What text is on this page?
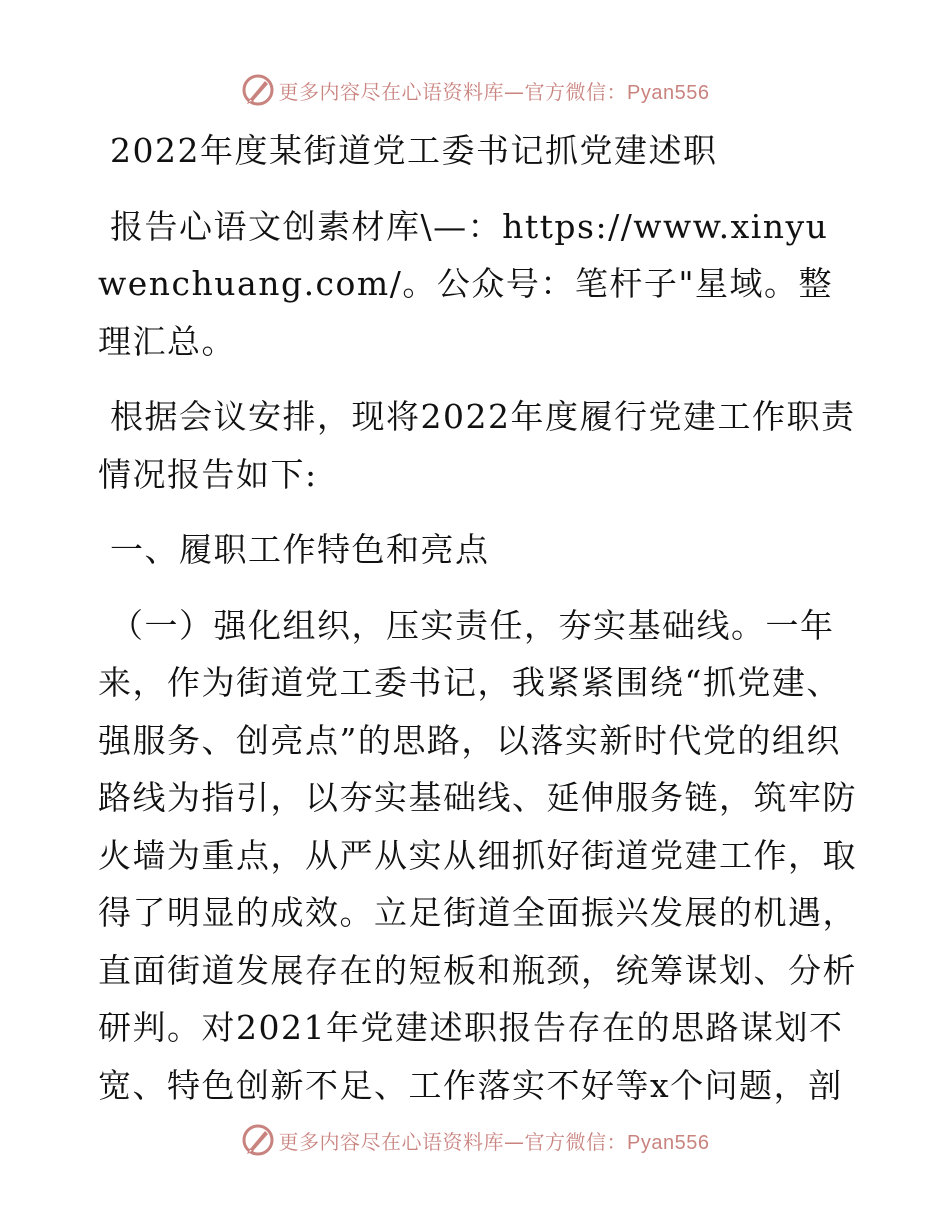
更多内容尽在心语资料库—官方微信：Pyan556

2022年度某街道党工委书记抓党建述职

报告心语文创素材库\—：https://www.xinyuwenchuang.com/。公众号：笔杆子"星域。整理汇总。

根据会议安排，现将2022年度履行党建工作职责情况报告如下:

一、履职工作特色和亮点

（一）强化组织，压实责任，夯实基础线。一年来，作为街道党工委书记，我紧紧围绕“抓党建、强服务、创亮点”的思路，以落实新时代党的组织路线为指引，以夯实基础线、延伸服务链，筑牢防火墙为重点，从严从实从细抓好街道党建工作，取得了明显的成效。立足街道全面振兴发展的机遇，直面街道发展存在的短板和瓶颈，统筹谋划、分析研判。对2021年党建述职报告存在的思路谋划不宽、特色创新不足、工作落实不好等x个问题，剖

更多内容尽在心语资料库—官方微信：Pyan556
